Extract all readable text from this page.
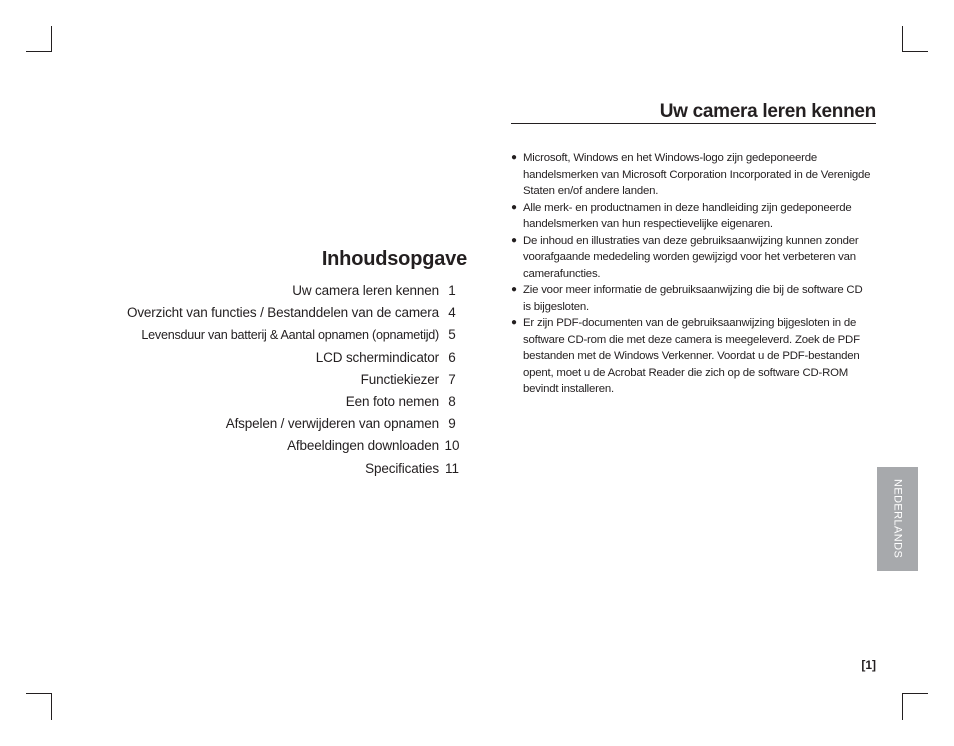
Inhoudsopgave
Uw camera leren kennen 1
Overzicht van functies / Bestanddelen van de camera 4
Levensduur van batterij & Aantal opnamen (opnametijd) 5
LCD schermindicator 6
Functiekiezer 7
Een foto nemen 8
Afspelen / verwijderen van opnamen 9
Afbeeldingen downloaden 10
Specificaties 11
Uw camera leren kennen
● Microsoft, Windows en het Windows-logo zijn gedeponeerde handelsmerken van Microsoft Corporation Incorporated in de Verenigde Staten en/of andere landen.
● Alle merk- en productnamen in deze handleiding zijn gedeponeerde handelsmerken van hun respectievelijke eigenaren.
● De inhoud en illustraties van deze gebruiksaanwijzing kunnen zonder voorafgaande mededeling worden gewijzigd voor het verbeteren van camerafuncties.
● Zie voor meer informatie de gebruiksaanwijzing die bij de software CD is bijgesloten.
● Er zijn PDF-documenten van de gebruiksaanwijzing bijgesloten in de software CD-rom die met deze camera is meegeleverd. Zoek de PDF bestanden met de Windows Verkenner. Voordat u de PDF-bestanden opent, moet u de Acrobat Reader die zich op de software CD-ROM bevindt installeren.
NEDERLANDS
[1]
